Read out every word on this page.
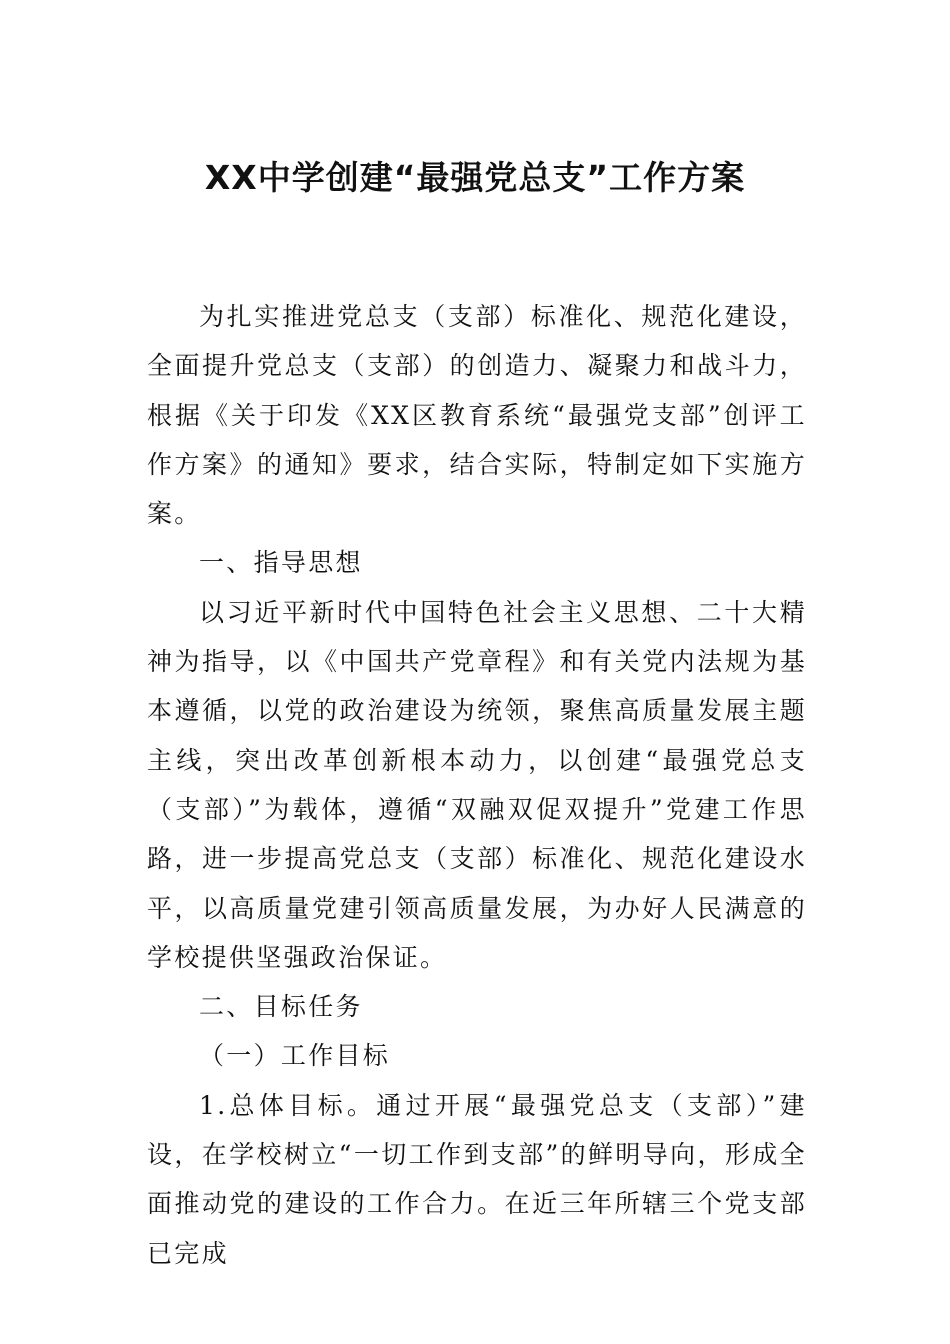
XX中学创建“最强党总支”工作方案

为扎实推进党总支（支部）标准化、规范化建设，全面提升党总支（支部）的创造力、凝聚力和战斗力，根据《关于印发《XX区教育系统“最强党支部”创评工作方案》的通知》要求，结合实际，特制定如下实施方案。

一、指导思想

以习近平新时代中国特色社会主义思想、二十大精神为指导，以《中国共产党章程》和有关党内法规为基本遵循，以党的政治建设为统领，聚焦高质量发展主题主线，突出改革创新根本动力，以创建“最强党总支（支部）”为载体，遵循“双融双促双提升”党建工作思路，进一步提高党总支（支部）标准化、规范化建设水平，以高质量党建引领高质量发展，为办好人民满意的学校提供坚强政治保证。

二、目标任务

（一）工作目标

1.总体目标。通过开展“最强党总支（支部）”建设，在学校树立“一切工作到支部”的鲜明导向，形成全面推动党的建设的工作合力。在近三年所辖三个党支部已完成
